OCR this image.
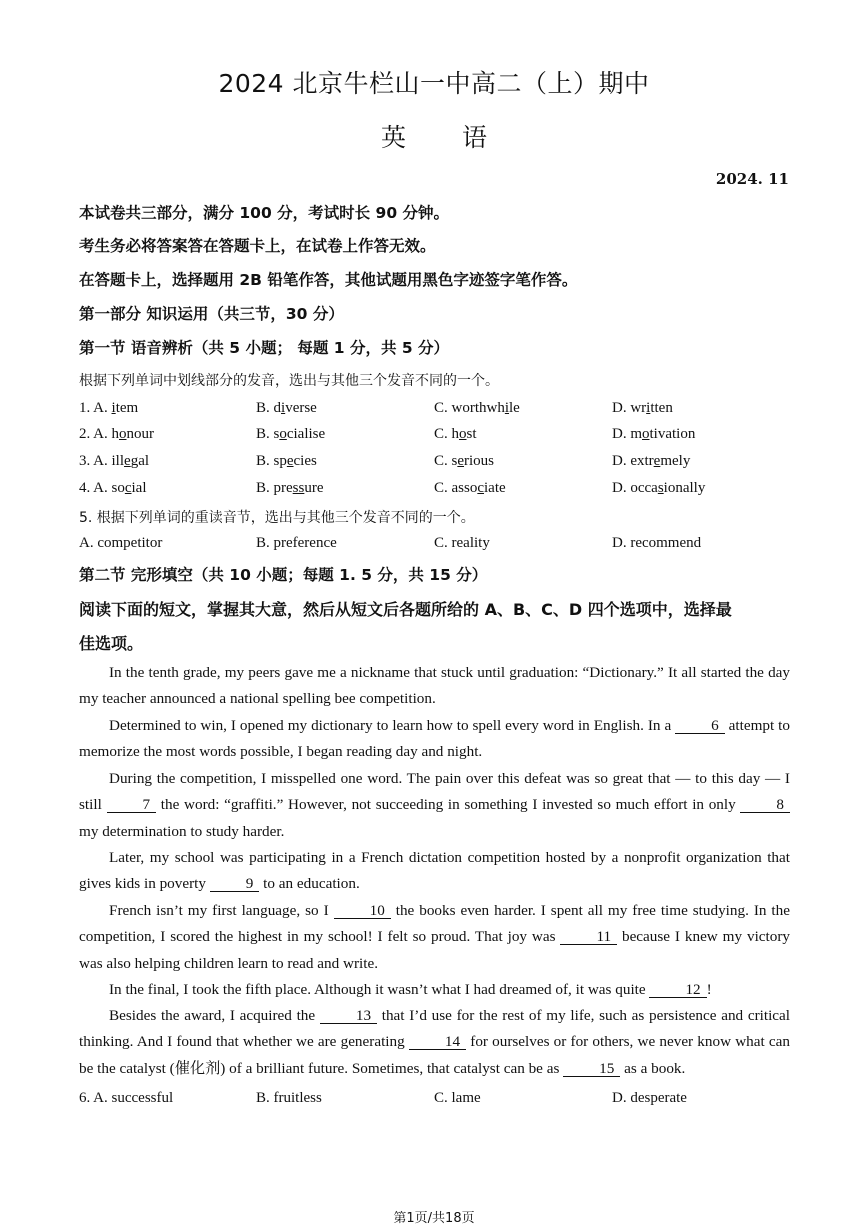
2024 北京牛栏山一中高二（上）期中
英 语
2024. 11
本试卷共三部分，满分 100 分，考试时长 90 分钟。
考生务必将答案答在答题卡上，在试卷上作答无效。
在答题卡上，选择题用 2B 铅笔作答，其他试题用黑色字迹签字笔作答。
第一部分 知识运用（共三节，30 分）
第一节 语音辨析（共 5 小题； 每题 1 分，共 5 分）
根据下列单词中划线部分的发音，选出与其他三个发音不同的一个。
1. A. item	B. diverse	C. worthwhile	D. written
2. A. honour	B. socialise	C. host	D. motivation
3. A. illegal	B. species	C. serious	D. extremely
4. A. social	B. pressure	C. associate	D. occasionally
5. 根据下列单词的重读音节，选出与其他三个发音不同的一个。
A. competitor	B. preference	C. reality	D. recommend
第二节 完形填空（共 10 小题；每题 1. 5 分，共 15 分）
阅读下面的短文，掌握其大意，然后从短文后各题所给的 A、B、C、D 四个选项中，选择最
佳选项。
In the tenth grade, my peers gave me a nickname that stuck until graduation: “Dictionary.” It all started the day my teacher announced a national spelling bee competition.
Determined to win, I opened my dictionary to learn how to spell every word in English. In a 6 attempt to memorize the most words possible, I began reading day and night.
During the competition, I misspelled one word. The pain over this defeat was so great that — to this day — I still 7 the word: “graffiti.” However, not succeeding in something I invested so much effort in only 8 my determination to study harder.
Later, my school was participating in a French dictation competition hosted by a nonprofit organization that gives kids in poverty 9 to an education.
French isn’t my first language, so I 10 the books even harder. I spent all my free time studying. In the competition, I scored the highest in my school! I felt so proud. That joy was 11 because I knew my victory was also helping children learn to read and write.
In the final, I took the fifth place. Although it wasn’t what I had dreamed of, it was quite 12 !
Besides the award, I acquired the 13 that I’d use for the rest of my life, such as persistence and critical thinking. And I found that whether we are generating 14 for ourselves or for others, we never know what can be the catalyst (催化剂) of a brilliant future. Sometimes, that catalyst can be as 15 as a book.
6. A. successful	B. fruitless	C. lame	D. desperate
第1页/共18页
